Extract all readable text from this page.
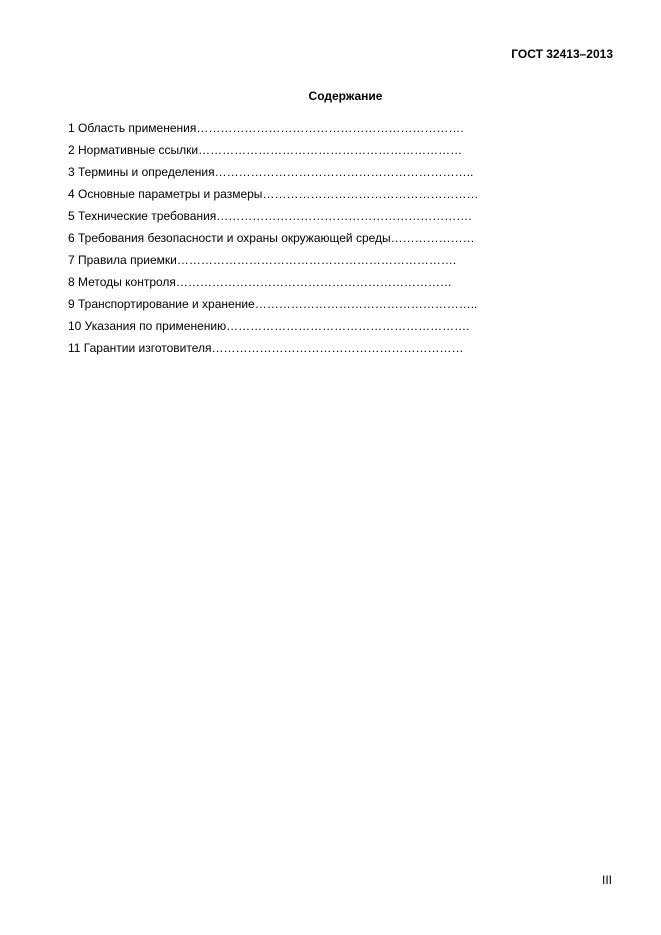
ГОСТ 32413–2013
Содержание
1 Область применения………………………………………………………….
2 Нормативные ссылки…………………………………………………………
3 Термины и определения………………………………………………………..
4 Основные параметры и размеры………………………………………………
5 Технические требования……………………………………………………….
6 Требования безопасности и охраны окружающей среды…………………
7 Правила приемки…………………………………………………………….
8 Методы контроля……………………………………………………………
9 Транспортирование и хранение………………………………………………..
10 Указания по применению…………………………………………………….
11 Гарантии изготовителя………………………………………………………
III
